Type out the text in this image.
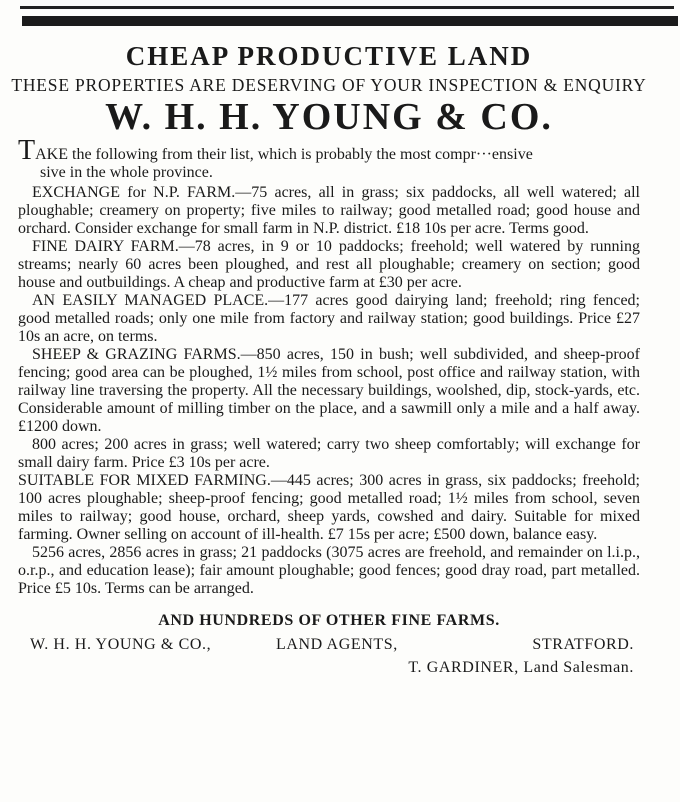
CHEAP PRODUCTIVE LAND
THESE PROPERTIES ARE DESERVING OF YOUR INSPECTION & ENQUIRY
W. H. H. YOUNG & CO.
TAKE the following from their list, which is probably the most compr···ensive
sive in the whole province.

EXCHANGE for N.P. FARM.—75 acres, all in grass; six paddocks, all well watered; all ploughable; creamery on property; five miles to railway; good metalled road; good house and orchard. Consider exchange for small farm in N.P. district. £18 10s per acre. Terms good.

FINE DAIRY FARM.—78 acres, in 9 or 10 paddocks; freehold; well watered by running streams; nearly 60 acres been ploughed, and rest all ploughable; creamery on section; good house and outbuildings. A cheap and productive farm at £30 per acre.

AN EASILY MANAGED PLACE.—177 acres good dairying land; freehold; ring fenced; good metalled roads; only one mile from factory and railway station; good buildings. Price £27 10s an acre, on terms.

SHEEP & GRAZING FARMS.—850 acres, 150 in bush; well subdivided, and sheep-proof fencing; good area can be ploughed, 1½ miles from school, post office and railway station, with railway line traversing the property. All the necessary buildings, woolshed, dip, stock-yards, etc. Considerable amount of milling timber on the place, and a sawmill only a mile and a half away. £1200 down.

800 acres; 200 acres in grass; well watered; carry two sheep comfortably; will exchange for small dairy farm. Price £3 10s per acre.

SUITABLE FOR MIXED FARMING.—445 acres; 300 acres in grass, six paddocks; freehold; 100 acres ploughable; sheep-proof fencing; good metalled road; 1½ miles from school, seven miles to railway; good house, orchard, sheep yards, cowshed and dairy. Suitable for mixed farming. Owner selling on account of ill-health. £7 15s per acre; £500 down, balance easy.

5256 acres, 2856 acres in grass; 21 paddocks (3075 acres are freehold, and remainder on l.i.p., o.r.p., and education lease); fair amount ploughable; good fences; good dray road, part metalled. Price £5 10s. Terms can be arranged.

AND HUNDREDS OF OTHER FINE FARMS.
W. H. H. YOUNG & CO.,	LAND AGENTS,	STRATFORD.
T. GARDINER, Land Salesman.
